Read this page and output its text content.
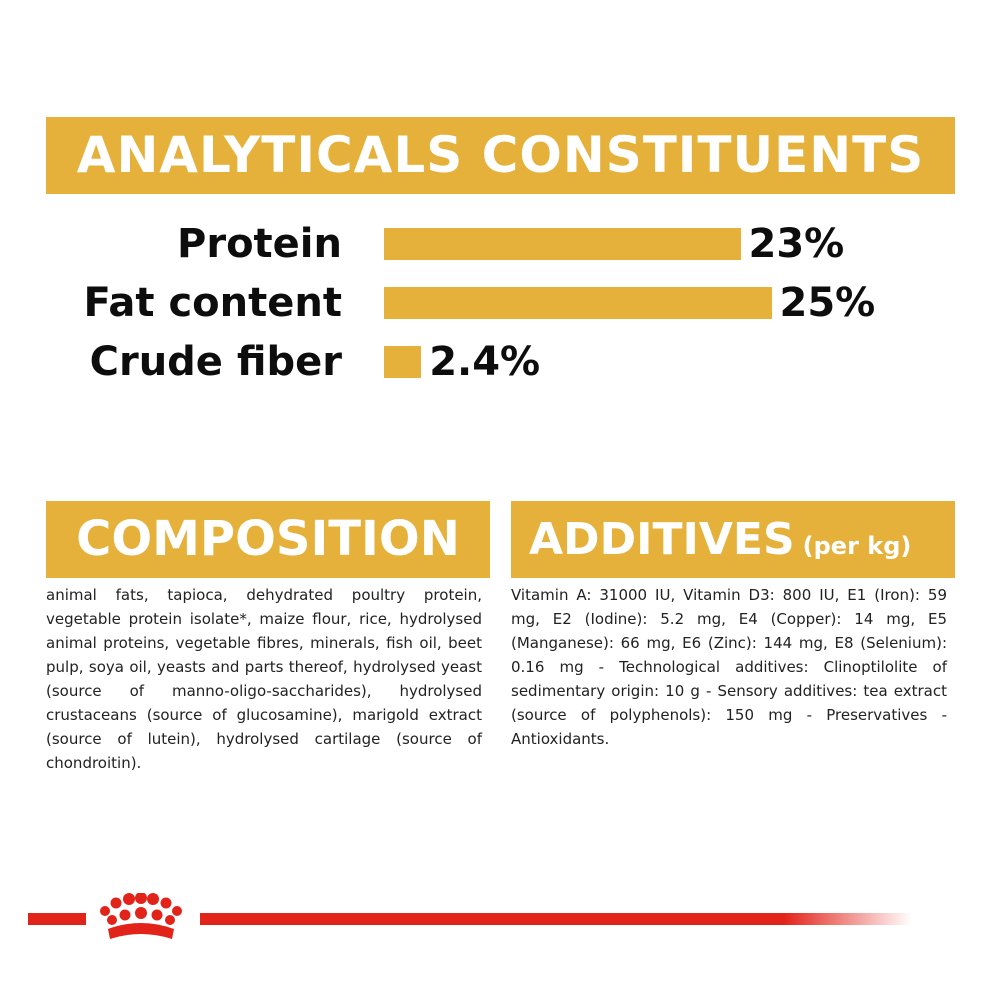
ANALYTICALS CONSTITUENTS
Protein	23%
Fat content	25%
Crude fiber 2.4%
COMPOSITION	ADDITIVES (per kg)
animal fats, tapioca, dehydrated poultry protein, vegetable protein isolate*, maize flour, rice, hydrolysed animal proteins, vegetable fibres, minerals, fish oil, beet pulp, soya oil, yeasts and parts thereof, hydrolysed yeast (source of manno-oligo-saccharides), hydrolysed crustaceans (source of glucosamine), marigold extract (source of lutein), hydrolysed cartilage (source of chondroitin).
Vitamin A: 31000 IU, Vitamin D3: 800 IU, E1 (Iron): 59 mg, E2 (Iodine): 5.2 mg, E4 (Copper): 14 mg, E5 (Manganese): 66 mg, E6 (Zinc): 144 mg, E8 (Selenium): 0.16 mg - Technological additives: Clinoptilolite of sedimentary origin: 10 g - Sensory additives: tea extract (source of polyphenols): 150 mg - Preservatives - Antioxidants.
